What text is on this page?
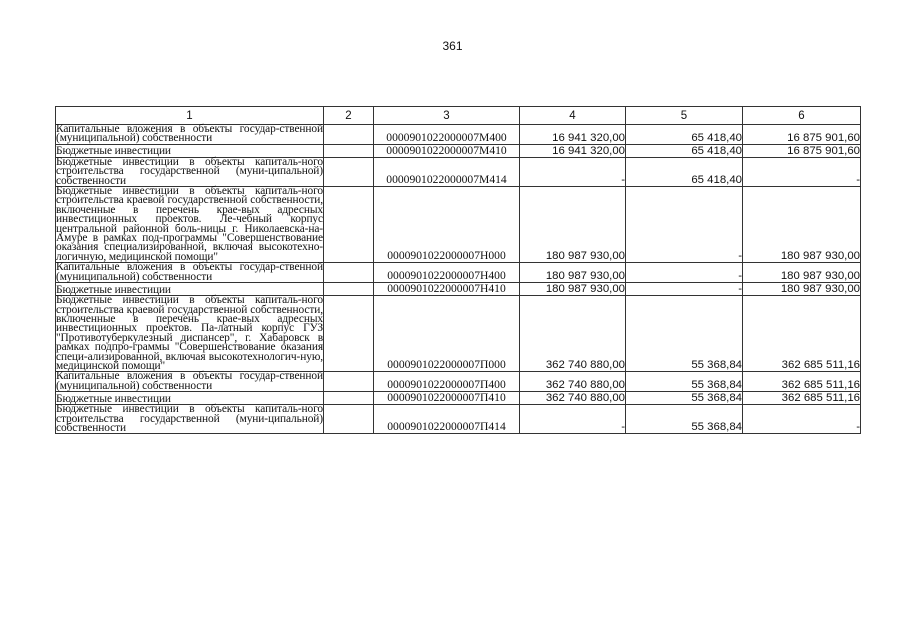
361
1	2	3	4	5	6
Капитальные вложения в объекты государ-ственной (муниципальной) собственности		0000901022000007М400	16 941 320,00	65 418,40	16 875 901,60
Бюджетные инвестиции		0000901022000007М410	16 941 320,00	65 418,40	16 875 901,60
Бюджетные инвестиции в объекты капиталь-ного строительства государственной (муни-ципальной) собственности		0000901022000007М414	-	65 418,40	-
Бюджетные инвестиции в объекты капиталь-ного строительства краевой государственной собственности, включенные в перечень крае-вых адресных инвестиционных проектов. Ле-чебный корпус центральной районной боль-ницы г. Николаевска-на-Амуре в рамках под-программы "Совершенствование оказания специализированной, включая высокотехно-логичную, медицинской помощи"		0000901022000007Н000	180 987 930,00	-	180 987 930,00
Капитальные вложения в объекты государ-ственной (муниципальной) собственности		0000901022000007Н400	180 987 930,00	-	180 987 930,00
Бюджетные инвестиции		0000901022000007Н410	180 987 930,00	-	180 987 930,00
Бюджетные инвестиции в объекты капиталь-ного строительства краевой государственной собственности, включенные в перечень крае-вых адресных инвестиционных проектов. Па-латный корпус ГУЗ "Противотуберкулезный диспансер", г. Хабаровск в рамках подпро-граммы "Совершенствование оказания специ-ализированной, включая высокотехнологич-ную, медицинской помощи"		0000901022000007П000	362 740 880,00	55 368,84	362 685 511,16
Капитальные вложения в объекты государ-ственной (муниципальной) собственности		0000901022000007П400	362 740 880,00	55 368,84	362 685 511,16
Бюджетные инвестиции		0000901022000007П410	362 740 880,00	55 368,84	362 685 511,16
Бюджетные инвестиции в объекты капиталь-ного строительства государственной (муни-ципальной) собственности		0000901022000007П414	-	55 368,84	-
